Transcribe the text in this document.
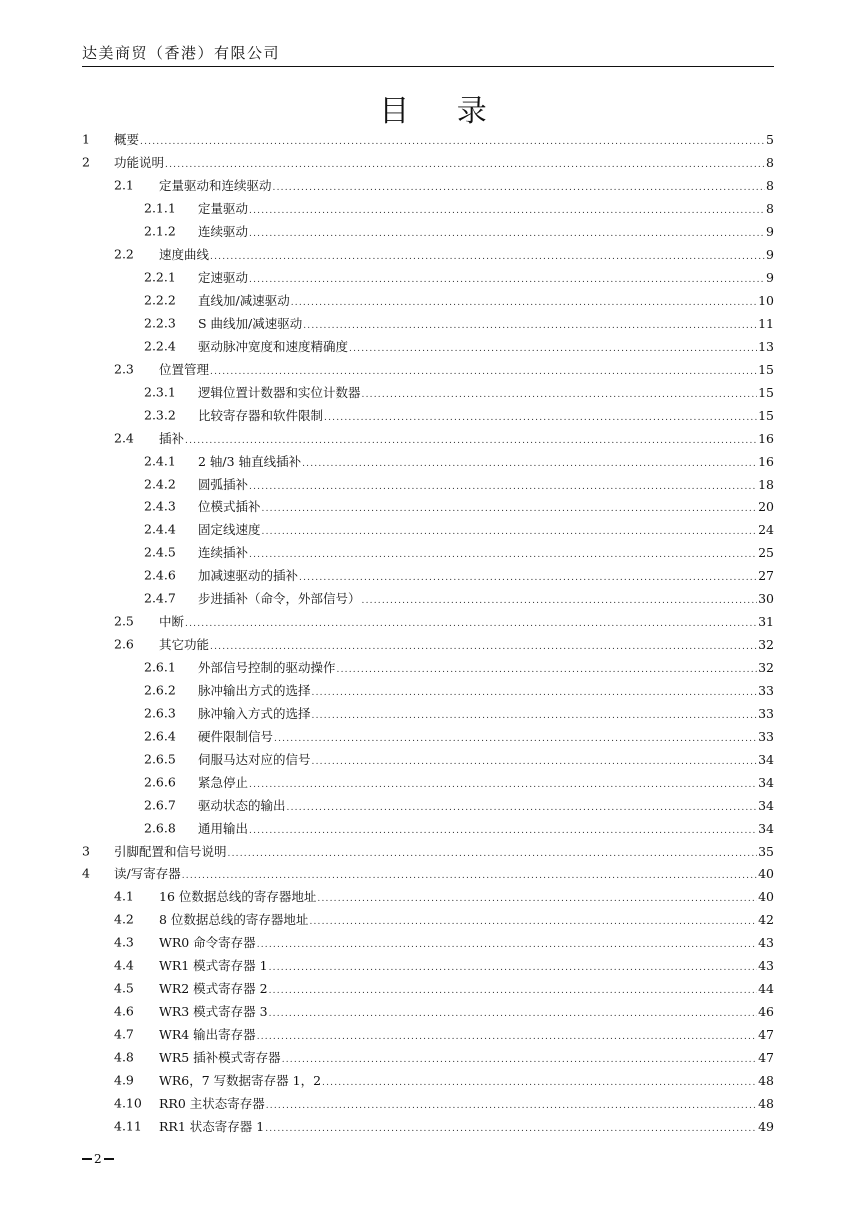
达美商贸（香港）有限公司
目 录
1 概要 .....	5
2 功能说明 .....	8
2.1 定量驱动和连续驱动 .....	8
2.1.1 定量驱动 .....	8
2.1.2 连续驱动 .....	9
2.2 速度曲线 .....	9
2.2.1 定速驱动 .....	9
2.2.2 直线加/减速驱动 .....	10
2.2.3 S 曲线加/减速驱动 .....	11
2.2.4 驱动脉冲宽度和速度精确度 .....	13
2.3 位置管理 .....	15
2.3.1 逻辑位置计数器和实位计数器 .....	15
2.3.2 比较寄存器和软件限制 .....	15
2.4 插补 .....	16
2.4.1 2 轴/3 轴直线插补 .....	16
2.4.2 圆弧插补 .....	18
2.4.3 位模式插补 .....	20
2.4.4 固定线速度 .....	24
2.4.5 连续插补 .....	25
2.4.6 加减速驱动的插补 .....	27
2.4.7 步进插补（命令，外部信号） .....	30
2.5 中断 .....	31
2.6 其它功能 .....	32
2.6.1 外部信号控制的驱动操作 .....	32
2.6.2 脉冲输出方式的选择 .....	33
2.6.3 脉冲输入方式的选择 .....	33
2.6.4 硬件限制信号 .....	33
2.6.5 伺服马达对应的信号 .....	34
2.6.6 紧急停止 .....	34
2.6.7 驱动状态的输出 .....	34
2.6.8 通用输出 .....	34
3 引脚配置和信号说明 .....	35
4 读/写寄存器 .....	40
4.1 16 位数据总线的寄存器地址 .....	40
4.2 8 位数据总线的寄存器地址 .....	42
4.3 WR0 命令寄存器 .....	43
4.4 WR1 模式寄存器 1 .....	43
4.5 WR2 模式寄存器 2 .....	44
4.6 WR3 模式寄存器 3 .....	46
4.7 WR4 输出寄存器 .....	47
4.8 WR5 插补模式寄存器 .....	47
4.9 WR6，7 写数据寄存器 1，2 .....	48
4.10 RR0 主状态寄存器 .....	48
4.11 RR1 状态寄存器 1 .....	49
2
